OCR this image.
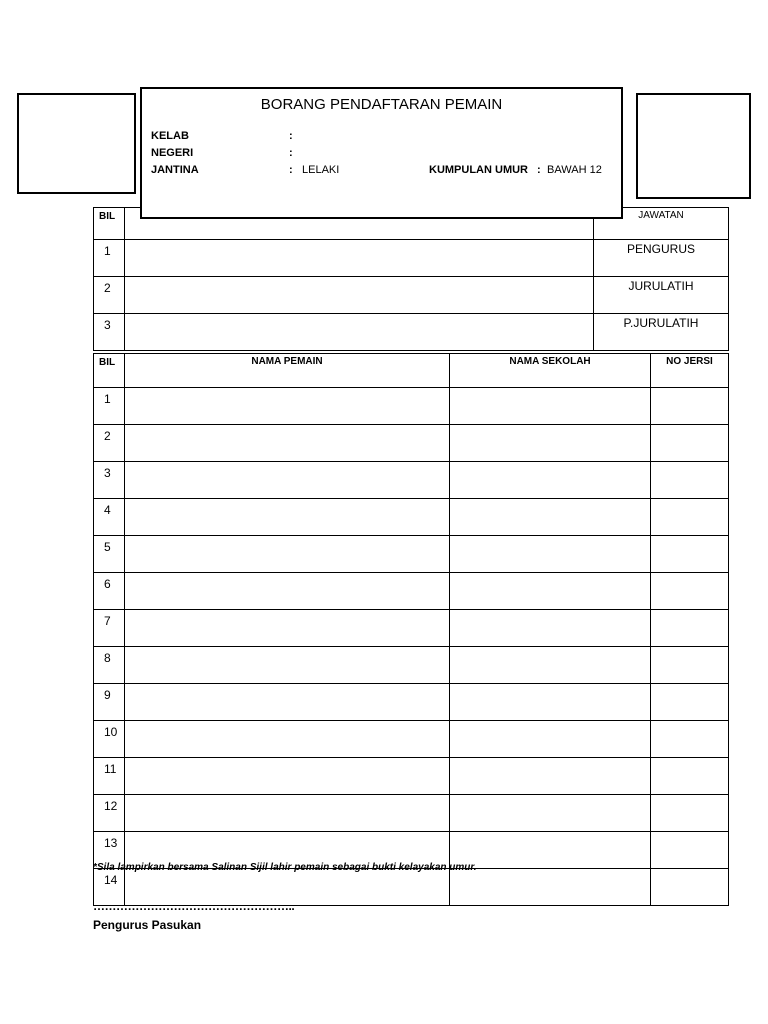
BORANG PENDAFTARAN PEMAIN
KELAB	:
NEGERI	:
JANTINA	: LELAKI	KUMPULAN UMUR : BAWAH 12
BIL		JAWATAN
1		PENGURUS
2		JURULATIH
3		P.JURULATIH
BIL	NAMA PEMAIN	NAMA SEKOLAH	NO JERSI
1			
2			
3			
4			
5			
6			
7			
8			
9			
10			
11			
12			
13			
14			
*Sila lampirkan bersama Salinan Sijil lahir pemain sebagai bukti kelayakan umur.
……………………………………………..
Pengurus Pasukan
